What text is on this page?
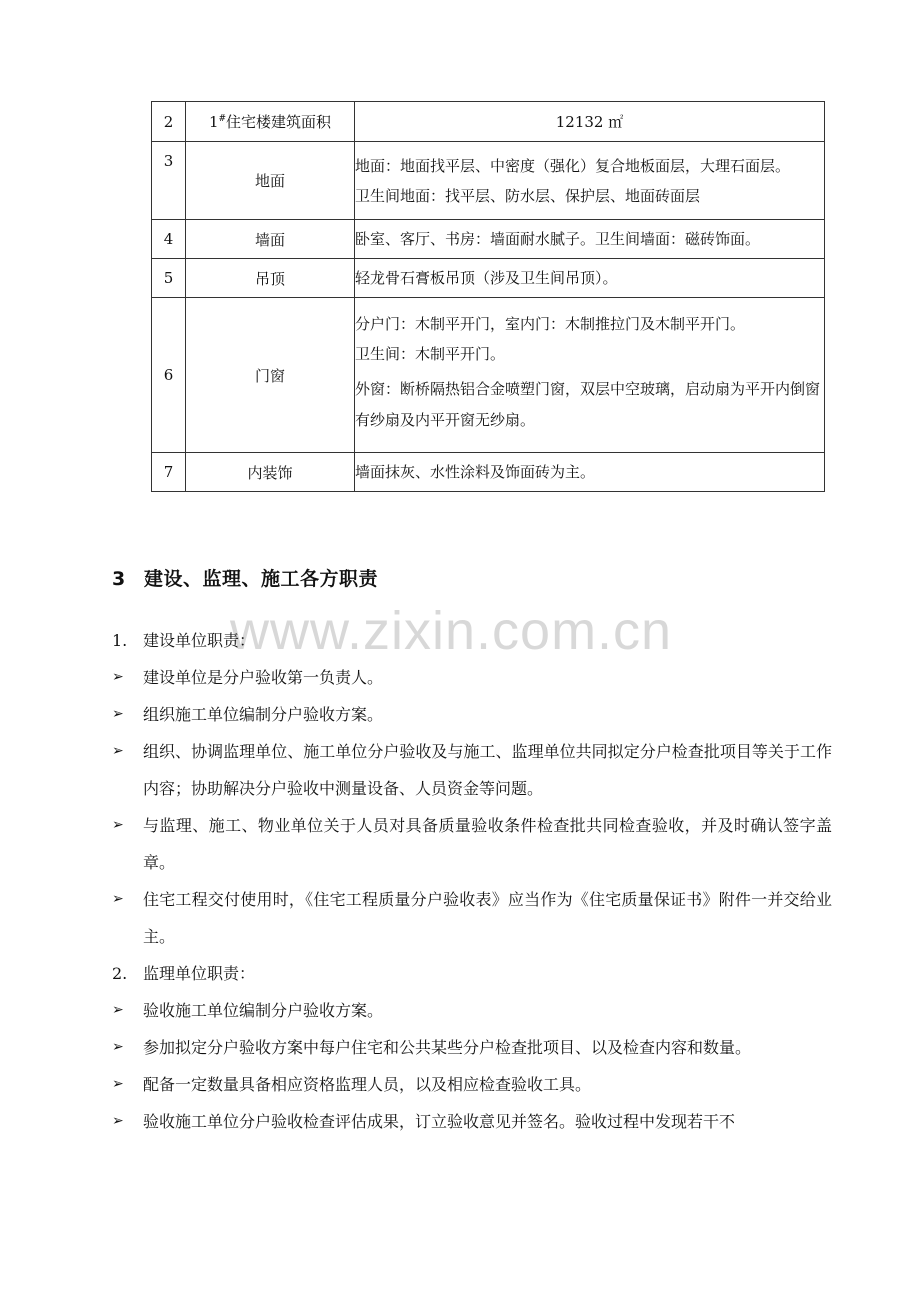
2	1#住宅楼建筑面积	12132 ㎡

3	地面	地面：地面找平层、中密度（强化）复合地板面层，大理石面层。
卫生间地面：找平层、防水层、保护层、地面砖面层

4	墙面	卧室、客厅、书房：墙面耐水腻子。卫生间墙面：磁砖饰面。

5	吊顶	轻龙骨石膏板吊顶（涉及卫生间吊顶）。

6	门窗	分户门：木制平开门，室内门：木制推拉门及木制平开门。
卫生间：木制平开门。
外窗：断桥隔热铝合金喷塑门窗，双层中空玻璃，启动扇为平开内倒窗有纱扇及内平开窗无纱扇。

7	内装饰	墙面抹灰、水性涂料及饰面砖为主。
3 建设、监理、施工各方职责
www.zixin.com.cn
1. 建设单位职责：
➢	建设单位是分户验收第一负责人。
➢	组织施工单位编制分户验收方案。
➢	组织、协调监理单位、施工单位分户验收及与施工、监理单位共同拟定分户检查批项目等关于工作内容；协助解决分户验收中测量设备、人员资金等问题。
➢	与监理、施工、物业单位关于人员对具备质量验收条件检查批共同检查验收，并及时确认签字盖章。
➢	住宅工程交付使用时，《住宅工程质量分户验收表》应当作为《住宅质量保证书》附件一并交给业主。
2. 监理单位职责：
➢	验收施工单位编制分户验收方案。
➢	参加拟定分户验收方案中每户住宅和公共某些分户检查批项目、以及检查内容和数量。
➢	配备一定数量具备相应资格监理人员，以及相应检查验收工具。
➢	验收施工单位分户验收检查评估成果，订立验收意见并签名。验收过程中发现若干不
